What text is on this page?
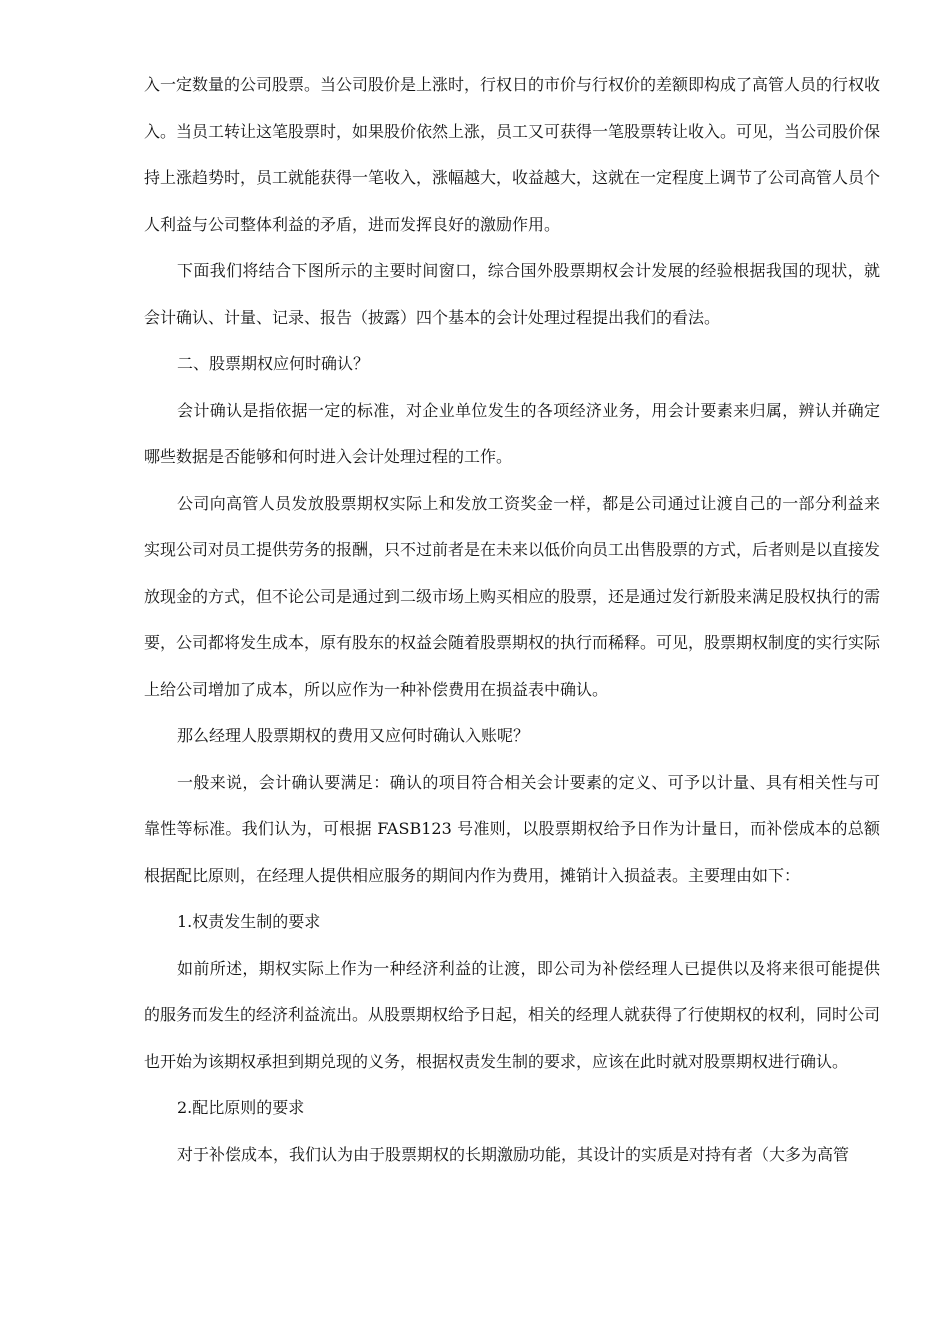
入一定数量的公司股票。当公司股价是上涨时，行权日的市价与行权价的差额即构成了高管人员的行权收入。当员工转让这笔股票时，如果股价依然上涨，员工又可获得一笔股票转让收入。可见，当公司股价保持上涨趋势时，员工就能获得一笔收入，涨幅越大，收益越大，这就在一定程度上调节了公司高管人员个人利益与公司整体利益的矛盾，进而发挥良好的激励作用。

下面我们将结合下图所示的主要时间窗口，综合国外股票期权会计发展的经验根据我国的现状，就会计确认、计量、记录、报告（披露）四个基本的会计处理过程提出我们的看法。

二、股票期权应何时确认？

会计确认是指依据一定的标准，对企业单位发生的各项经济业务，用会计要素来归属，辨认并确定哪些数据是否能够和何时进入会计处理过程的工作。

公司向高管人员发放股票期权实际上和发放工资奖金一样，都是公司通过让渡自己的一部分利益来实现公司对员工提供劳务的报酬，只不过前者是在未来以低价向员工出售股票的方式，后者则是以直接发放现金的方式，但不论公司是通过到二级市场上购买相应的股票，还是通过发行新股来满足股权执行的需要，公司都将发生成本，原有股东的权益会随着股票期权的执行而稀释。可见，股票期权制度的实行实际上给公司增加了成本，所以应作为一种补偿费用在损益表中确认。

那么经理人股票期权的费用又应何时确认入账呢？

一般来说，会计确认要满足：确认的项目符合相关会计要素的定义、可予以计量、具有相关性与可靠性等标准。我们认为，可根据 FASB123 号准则，以股票期权给予日作为计量日，而补偿成本的总额根据配比原则，在经理人提供相应服务的期间内作为费用，摊销计入损益表。主要理由如下：

1.权责发生制的要求

如前所述，期权实际上作为一种经济利益的让渡，即公司为补偿经理人已提供以及将来很可能提供的服务而发生的经济利益流出。从股票期权给予日起，相关的经理人就获得了行使期权的权利，同时公司也开始为该期权承担到期兑现的义务，根据权责发生制的要求，应该在此时就对股票期权进行确认。

2.配比原则的要求

对于补偿成本，我们认为由于股票期权的长期激励功能，其设计的实质是对持有者（大多为高管
